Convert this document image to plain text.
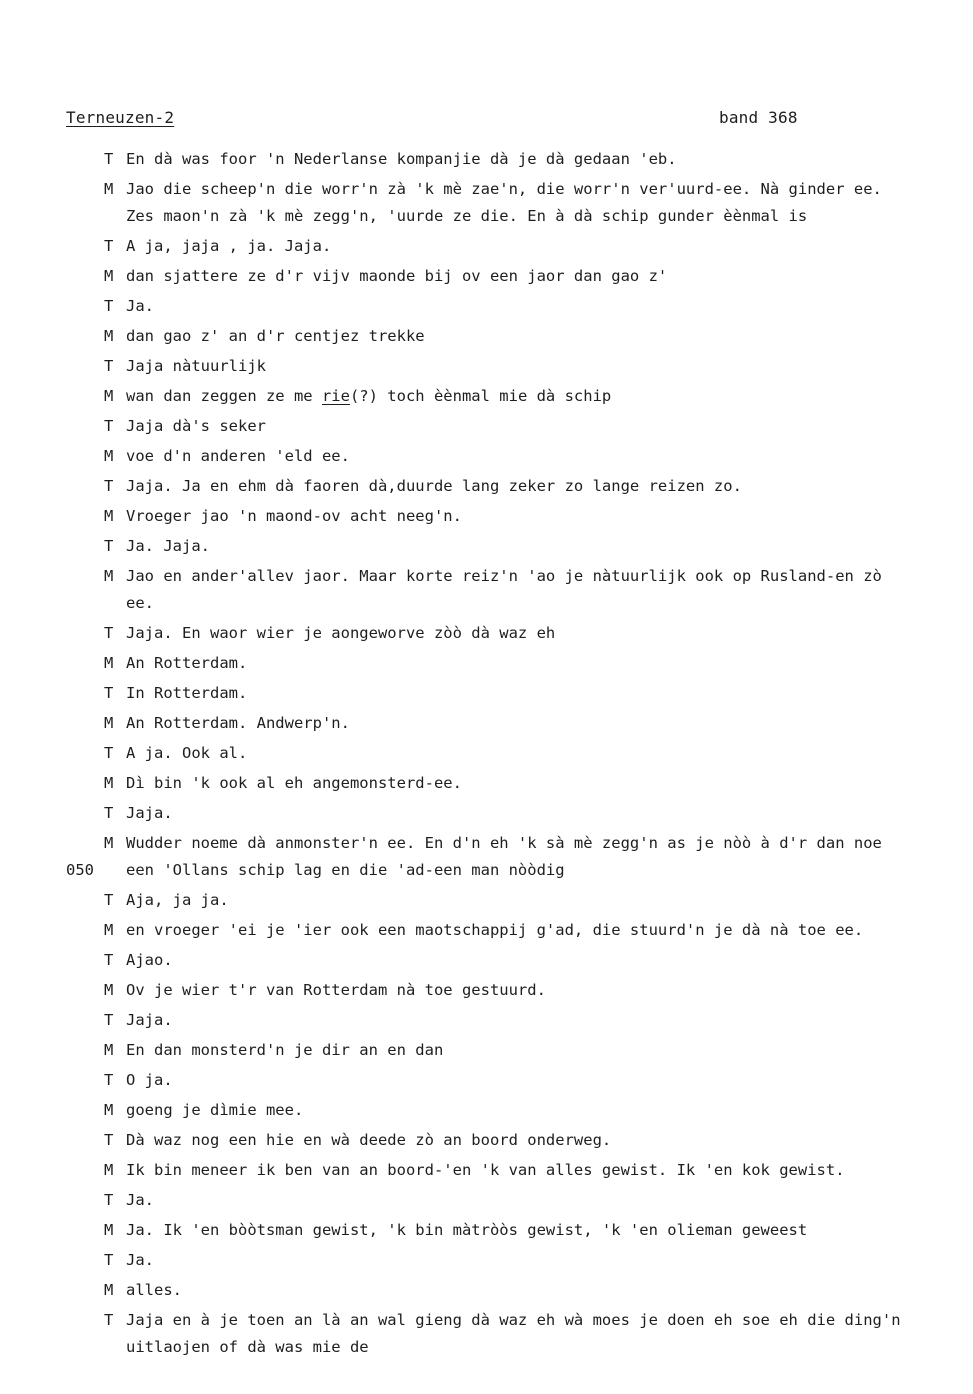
Terneuzen-2	band 368
T En dà was foor 'n Nederlanse kompanjie dà je dà gedaan 'eb.
M Jao die scheep'n die worr'n zà 'k mè zae'n, die worr'n ver'uurd-ee. Nà ginder ee.
Zes maon'n zà 'k mè zegg'n, 'uurde ze die. En à dà schip gunder èènmal is
T A ja, jaja , ja. Jaja.
M dan sjattere ze d'r vijv maonde bij ov een jaor dan gao z'
T Ja.
M dan gao z' an d'r centjez trekke
T Jaja nàtuurlijk
M wan dan zeggen ze me rie(?) toch èènmal mie dà schip
T Jaja dà's seker
M voe d'n anderen 'eld ee.
T Jaja. Ja en ehm dà faoren dà,duurde lang zeker zo lange reizen zo.
M Vroeger jao 'n maond-ov acht neeg'n.
T Ja. Jaja.
M Jao en ander'allev jaor. Maar korte reiz'n 'ao je nàtuurlijk ook op Rusland-en zò
ee.
T Jaja. En waor wier je aongeworve zòò dà waz eh
M An Rotterdam.
T In Rotterdam.
M An Rotterdam. Andwerp'n.
T A ja. Ook al.
M Dì bin 'k ook al eh angemonsterd-ee.
T Jaja.
M Wudder noeme dà anmonster'n ee. En d'n eh 'k sà mè zegg'n as je nòò à d'r dan noe
050 een 'Ollans schip lag en die 'ad-een man nòòdig
T Aja, ja ja.
M en vroeger 'ei je 'ier ook een maotschappij g'ad, die stuurd'n je dà nà toe ee.
T Ajao.
M Ov je wier t'r van Rotterdam nà toe gestuurd.
T Jaja.
M En dan monsterd'n je dir an en dan
T O ja.
M goeng je dìmie mee.
T Dà waz nog een hie en wà deede zò an boord onderweg.
M Ik bin meneer ik ben van an boord-'en 'k van alles gewist. Ik 'en kok gewist.
T Ja.
M Ja. Ik 'en bòòtsman gewist, 'k bin màtròòs gewist, 'k 'en olieman geweest
T Ja.
M alles.
T Jaja en à je toen an là an wal gieng dà waz eh wà moes je doen eh soe eh die ding'n
uitlaojen of dà was mie de
